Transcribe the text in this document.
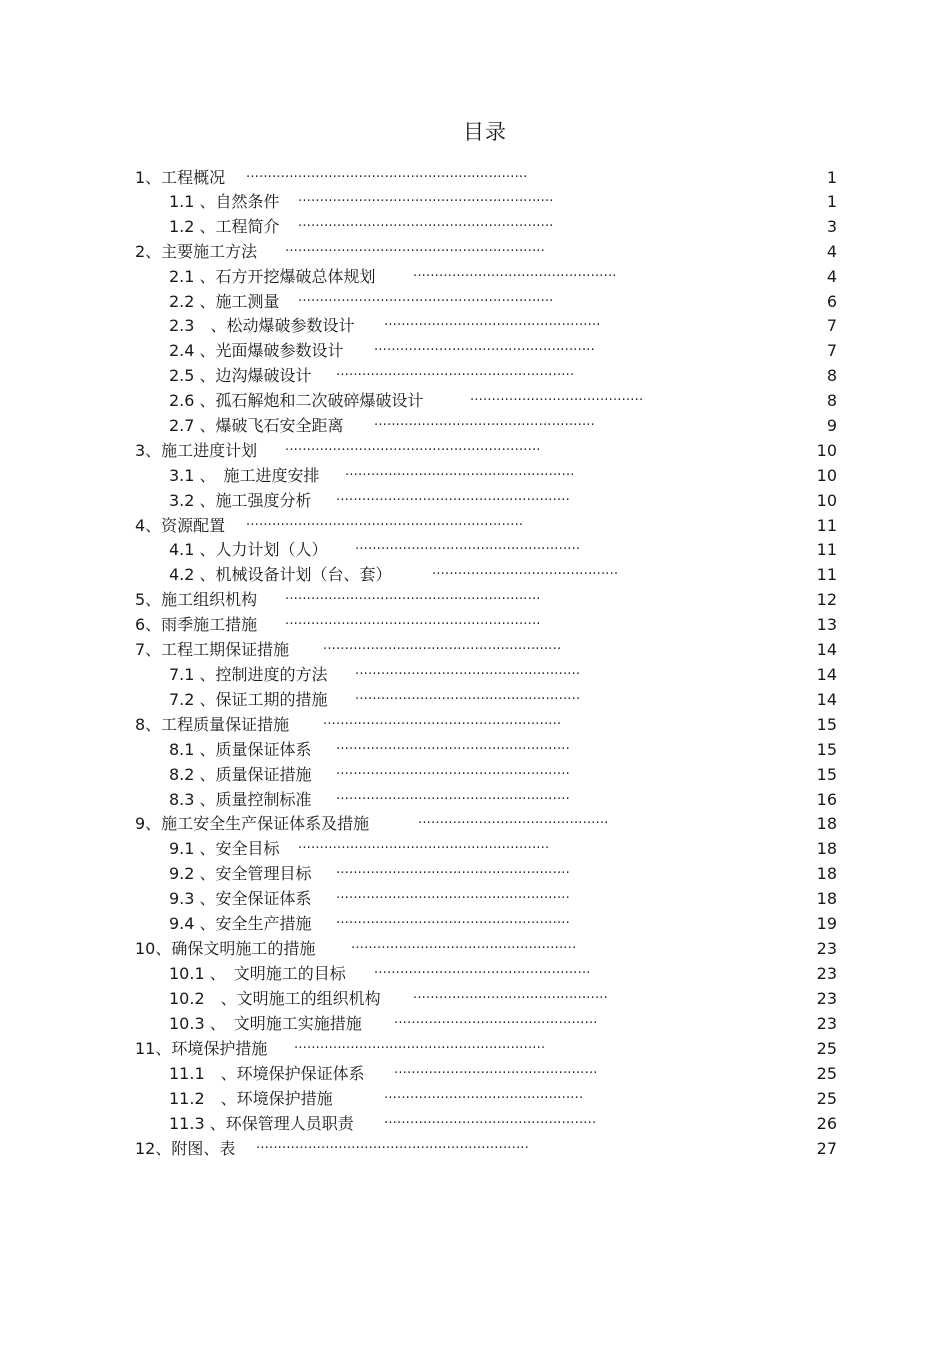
目录
1、工程概况 .................................................................	1
1.1 、自然条件 ...........................................................	1
1.2 、工程简介 ...........................................................	3
2、主要施工方法 ............................................................	4
2.1 、石方开挖爆破总体规划	...............................................	4
2.2 、施工测量 ...........................................................	6
2.3　、松动爆破参数设计 ..................................................	7
2.4 、光面爆破参数设计 ...................................................	7
2.5 、边沟爆破设计 .......................................................	8
2.6 、孤石解炮和二次破碎爆破设计	........................................	8
2.7 、爆破飞石安全距离 ...................................................	9
3、施工进度计划 ...........................................................	10
3.1 、　施工进度安排 .....................................................	10
3.2 、施工强度分析 ......................................................	10
4、资源配置 ................................................................	11
4.1 、人力计划（人） ....................................................	11
4.2 、机械设备计划（台、套）	...........................................	11
5、施工组织机构 ...........................................................	12
6、雨季施工措施 ...........................................................	13
7、工程工期保证措施	.......................................................	14
7.1 、控制进度的方法 ....................................................	14
7.2 、保证工期的措施 ....................................................	14
8、工程质量保证措施	.......................................................	15
8.1 、质量保证体系 ......................................................	15
8.2 、质量保证措施 ......................................................	15
8.3 、质量控制标准 ......................................................	16
9、施工安全生产保证体系及措施	............................................	18
9.1 、安全目标 ..........................................................	18
9.2 、安全管理目标 ......................................................	18
9.3 、安全保证体系 ......................................................	18
9.4 、安全生产措施 ......................................................	19
10、确保文明施工的措施	....................................................	23
10.1 、　文明施工的目标 ..................................................	23
10.2　、文明施工的组织机构 .............................................	23
10.3 、　文明施工实施措施 ...............................................	23
11、环境保护措施 ..........................................................	25
11.1　、环境保护保证体系 ...............................................	25
11.2　、环境保护措施	..............................................	25
11.3 、环保管理人员职责 .................................................	26
12、附图、表 ...............................................................	27
